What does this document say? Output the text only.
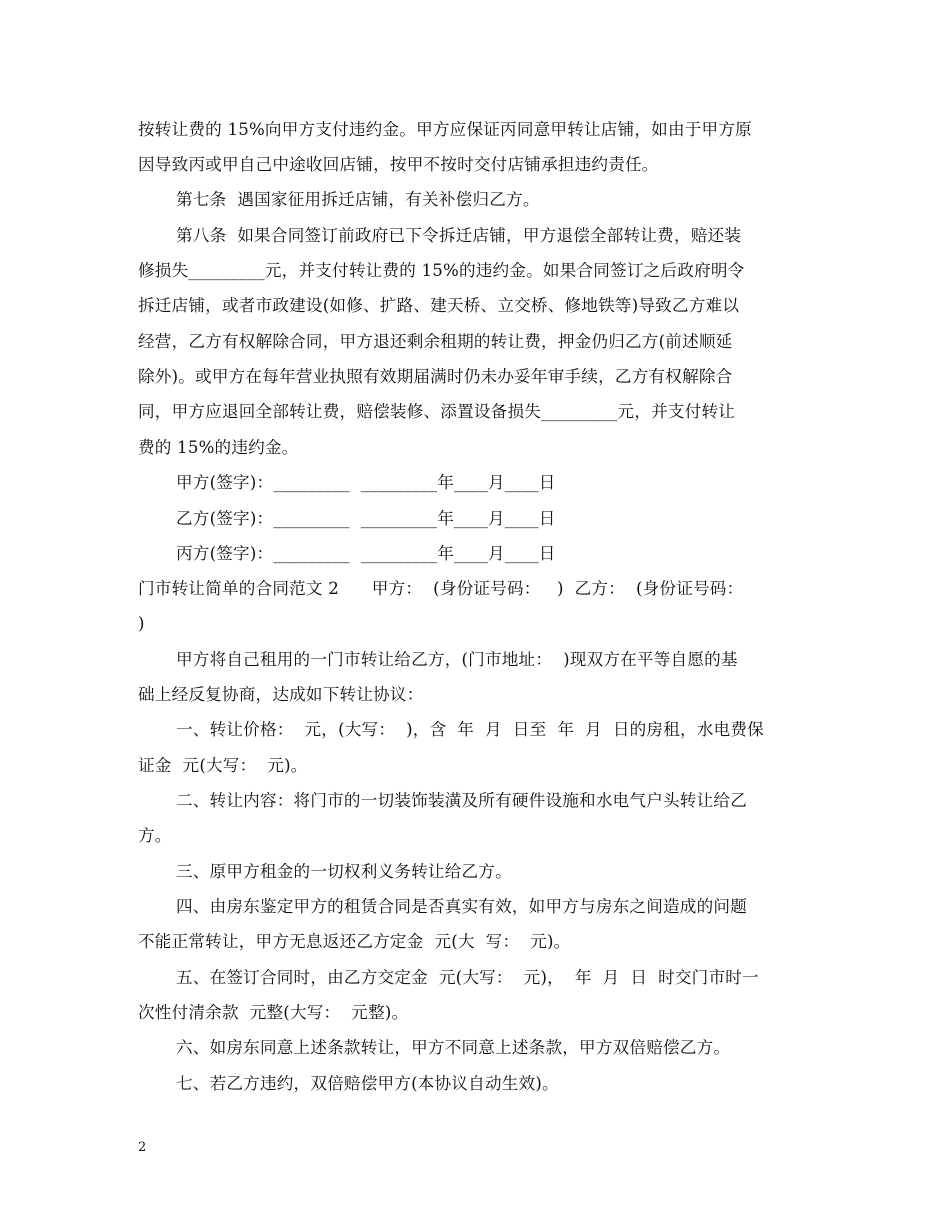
按转让费的 15%向甲方支付违约金。甲方应保证丙同意甲转让店铺，如由于甲方原
因导致丙或甲自己中途收回店铺，按甲不按时交付店铺承担违约责任。
第七条  遇国家征用拆迁店铺，有关补偿归乙方。
第八条  如果合同签订前政府已下令拆迁店铺，甲方退偿全部转让费，赔还装
修损失_________元，并支付转让费的 15%的违约金。如果合同签订之后政府明令
拆迁店铺，或者市政建设(如修、扩路、建天桥、立交桥、修地铁等)导致乙方难以
经营，乙方有权解除合同，甲方退还剩余租期的转让费，押金仍归乙方(前述顺延
除外)。或甲方在每年营业执照有效期届满时仍未办妥年审手续，乙方有权解除合
同，甲方应退回全部转让费，赔偿装修、添置设备损失_________元，并支付转让
费的 15%的违约金。
甲方(签字)：_________  _________年____月____日
乙方(签字)：_________  _________年____月____日
丙方(签字)：_________  _________年____月____日
门市转让简单的合同范文 2      甲方：  (身份证号码：   )  乙方：  (身份证号码：
)
甲方将自己租用的一门市转让给乙方，(门市地址：  )现双方在平等自愿的基
础上经反复协商，达成如下转让协议：
一、转让价格：  元，(大写：  )，含  年  月  日至  年  月  日的房租，水电费保
证金  元(大写：  元)。
二、转让内容：将门市的一切装饰装潢及所有硬件设施和水电气户头转让给乙
方。
三、原甲方租金的一切权利义务转让给乙方。
四、由房东鉴定甲方的租赁合同是否真实有效，如甲方与房东之间造成的问题
不能正常转让，甲方无息返还乙方定金  元(大  写：  元)。
五、在签订合同时，由乙方交定金  元(大写：  元)，  年  月  日  时交门市时一
次性付清余款  元整(大写：  元整)。
六、如房东同意上述条款转让，甲方不同意上述条款，甲方双倍赔偿乙方。
七、若乙方违约，双倍赔偿甲方(本协议自动生效)。
2
